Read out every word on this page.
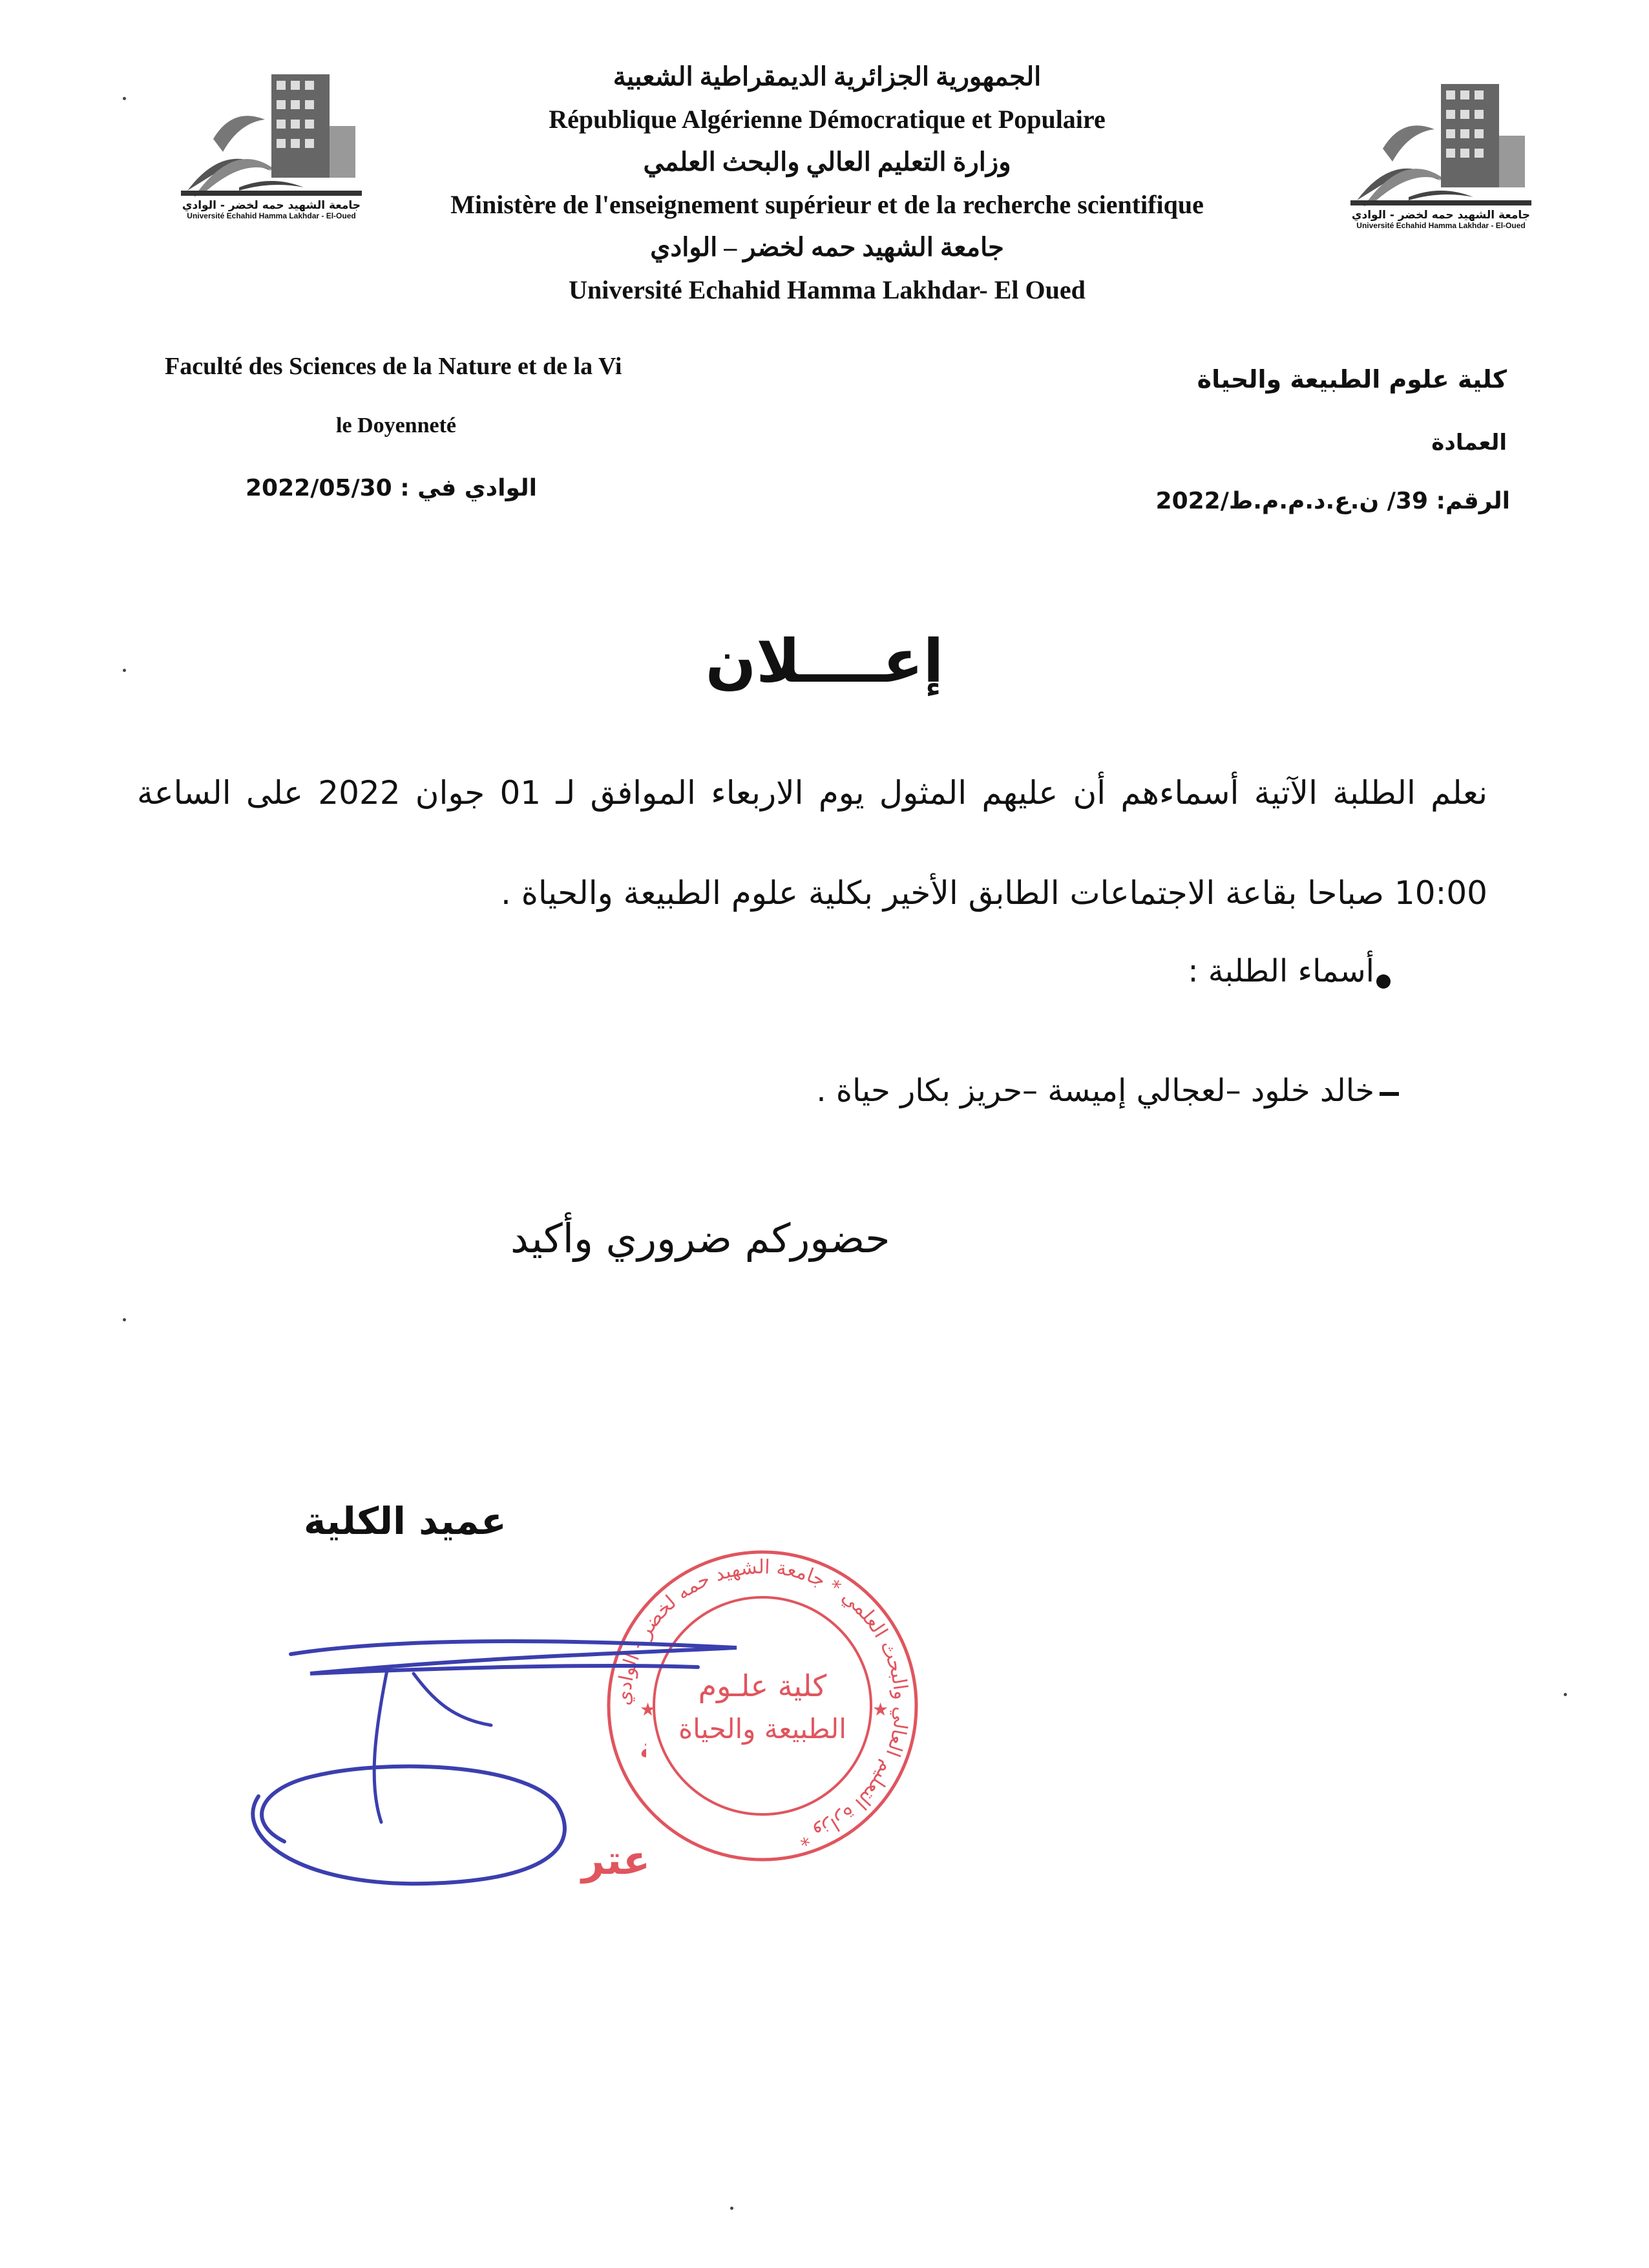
جامعة الشهيد حمه لخضر - الوادي
Université Echahid Hamma Lakhdar - El-Oued	جامعة الشهيد حمه لخضر - الوادي
Université Echahid Hamma Lakhdar - El-Oued
الجمهورية الجزائرية الديمقراطية الشعبية
République Algérienne Démocratique et Populaire
وزارة التعليم العالي والبحث العلمي
Ministère de l'enseignement supérieur et de la recherche scientifique
جامعة الشهيد حمه لخضر – الوادي
Université Echahid Hamma Lakhdar- El Oued
Faculté des Sciences de la Nature et de la Vi
le Doyenneté
الوادي في : 2022/05/30
كلية علوم الطبيعة والحياة
العمادة
الرقم: 39/ ن.ع.د.م.م.ط/2022
إعــــلان
نعلم الطلبة الآتية أسماءهم أن عليهم المثول يوم الاربعاء الموافق لـ 01 جوان 2022 على الساعة
10:00 صباحا بقاعة الاجتماعات الطابق الأخير بكلية علوم الطبيعة والحياة .
أسماء الطلبة :
خالد خلود –لعجالي إميسة –حريز بكار حياة .
حضوركم ضروري وأكيد
عميد الكلية
وزارة التعليم العالي والبحث العلمي * جامعة الشهيد حمه لخضر - الوادي *
كلية علـوم
الطبيعة والحياة
★	★
عتر
